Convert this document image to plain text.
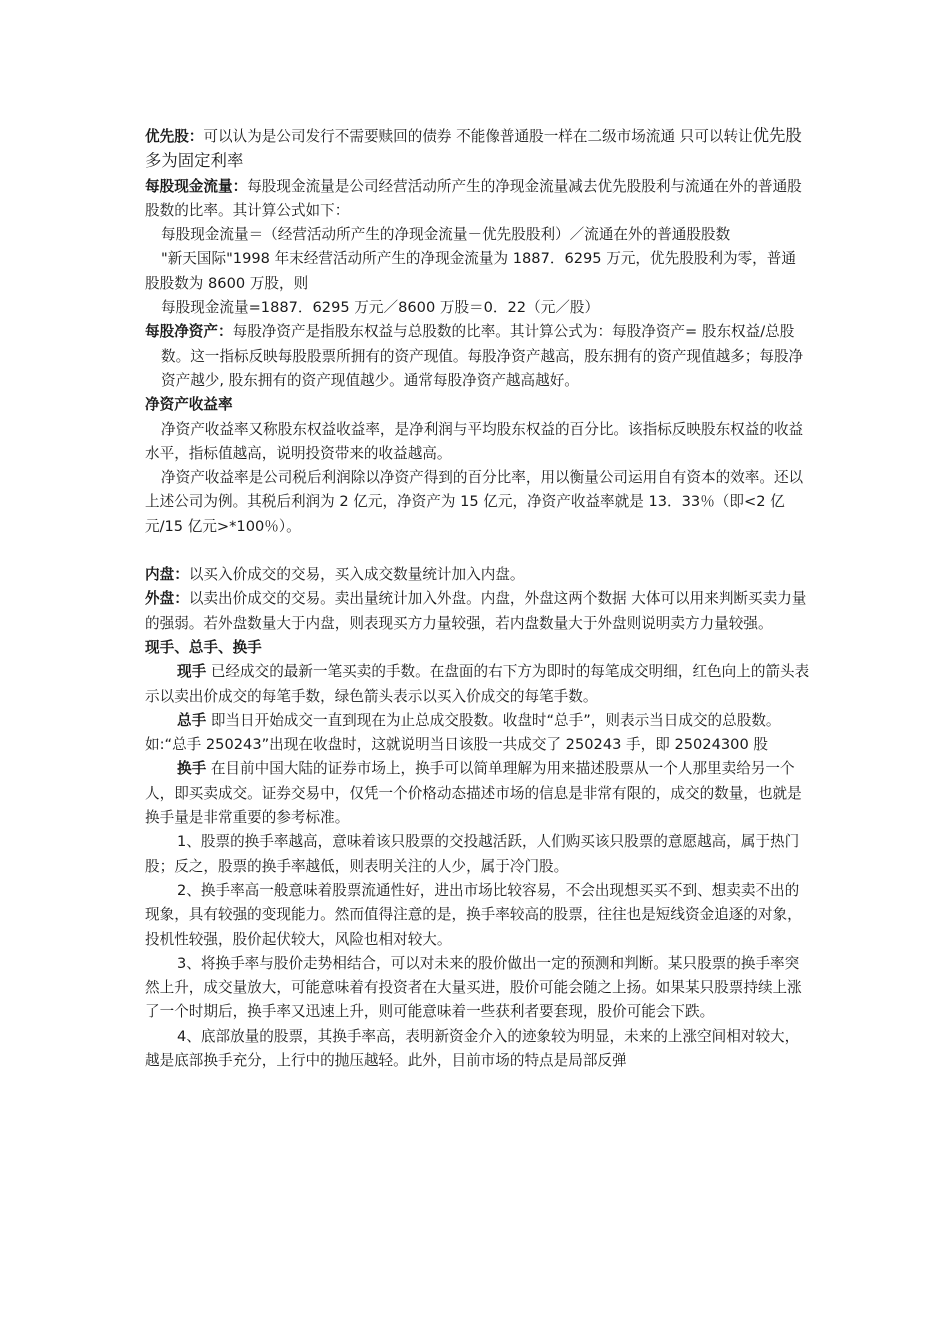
优先股：可以认为是公司发行不需要赎回的债券 不能像普通股一样在二级市场流通 只可以转让优先股多为固定利率

每股现金流量：每股现金流量是公司经营活动所产生的净现金流量减去优先股股利与流通在外的普通股股数的比率。其计算公式如下：

每股现金流量＝（经营活动所产生的净现金流量－优先股股利）／流通在外的普通股股数

"新天国际"1998 年末经营活动所产生的净现金流量为 1887．6295 万元，优先股股利为零，普通股股数为 8600 万股，则

每股现金流量=1887．6295 万元／8600 万股＝0．22（元／股）

每股净资产：每股净资产是指股东权益与总股数的比率。其计算公式为：每股净资产= 股东权益/总股数。这一指标反映每股股票所拥有的资产现值。每股净资产越高，股东拥有的资产现值越多；每股净资产越少, 股东拥有的资产现值越少。通常每股净资产越高越好。

净资产收益率

净资产收益率又称股东权益收益率，是净利润与平均股东权益的百分比。该指标反映股东权益的收益水平，指标值越高，说明投资带来的收益越高。

净资产收益率是公司税后利润除以净资产得到的百分比率，用以衡量公司运用自有资本的效率。还以上述公司为例。其税后利润为 2 亿元，净资产为 15 亿元，净资产收益率就是 13．33％（即<2 亿元/15 亿元>*100％）。

内盘：以买入价成交的交易，买入成交数量统计加入内盘。

外盘：以卖出价成交的交易。卖出量统计加入外盘。内盘，外盘这两个数据 大体可以用来判断买卖力量的强弱。若外盘数量大于内盘，则表现买方力量较强，若内盘数量大于外盘则说明卖方力量较强。

现手、总手、换手

现手 已经成交的最新一笔买卖的手数。在盘面的右下方为即时的每笔成交明细，红色向上的箭头表示以卖出价成交的每笔手数，绿色箭头表示以买入价成交的每笔手数。

总手 即当日开始成交一直到现在为止总成交股数。收盘时“总手”，则表示当日成交的总股数。如:“总手 250243”出现在收盘时，这就说明当日该股一共成交了 250243 手，即 25024300 股

换手 在目前中国大陆的证券市场上，换手可以简单理解为用来描述股票从一个人那里卖给另一个人，即买卖成交。证券交易中，仅凭一个价格动态描述市场的信息是非常有限的，成交的数量，也就是换手量是非常重要的参考标准。

1、股票的换手率越高，意味着该只股票的交投越活跃，人们购买该只股票的意愿越高，属于热门股；反之，股票的换手率越低，则表明关注的人少，属于冷门股。

2、换手率高一般意味着股票流通性好，进出市场比较容易，不会出现想买买不到、想卖卖不出的现象，具有较强的变现能力。然而值得注意的是，换手率较高的股票，往往也是短线资金追逐的对象，投机性较强，股价起伏较大，风险也相对较大。

3、将换手率与股价走势相结合，可以对未来的股价做出一定的预测和判断。某只股票的换手率突然上升，成交量放大，可能意味着有投资者在大量买进，股价可能会随之上扬。如果某只股票持续上涨了一个时期后，换手率又迅速上升，则可能意味着一些获利者要套现，股价可能会下跌。

4、底部放量的股票，其换手率高，表明新资金介入的迹象较为明显，未来的上涨空间相对较大，越是底部换手充分，上行中的抛压越轻。此外，目前市场的特点是局部反弹
